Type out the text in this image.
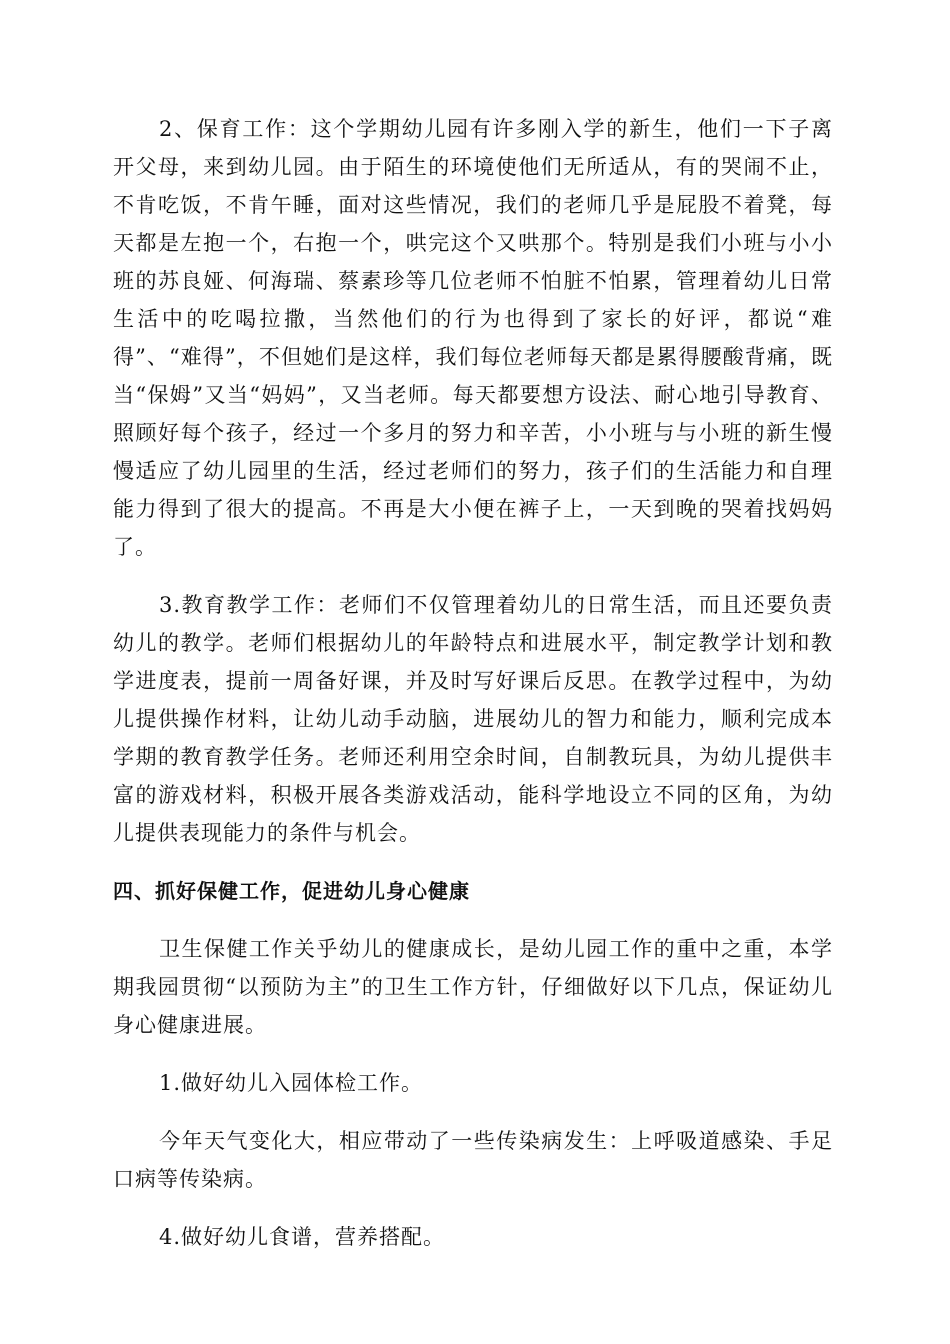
2、保育工作：这个学期幼儿园有许多刚入学的新生，他们一下子离开父母，来到幼儿园。由于陌生的环境使他们无所适从，有的哭闹不止，不肯吃饭，不肯午睡，面对这些情况，我们的老师几乎是屁股不着凳，每天都是左抱一个，右抱一个，哄完这个又哄那个。特别是我们小班与小小班的苏良娅、何海瑞、蔡素珍等几位老师不怕脏不怕累，管理着幼儿日常生活中的吃喝拉撒，当然他们的行为也得到了家长的好评，都说“难得”、“难得”，不但她们是这样，我们每位老师每天都是累得腰酸背痛，既当“保姆”又当“妈妈”，又当老师。每天都要想方设法、耐心地引导教育、照顾好每个孩子，经过一个多月的努力和辛苦，小小班与与小班的新生慢慢适应了幼儿园里的生活，经过老师们的努力，孩子们的生活能力和自理能力得到了很大的提高。不再是大小便在裤子上，一天到晚的哭着找妈妈了。

3.教育教学工作：老师们不仅管理着幼儿的日常生活，而且还要负责幼儿的教学。老师们根据幼儿的年龄特点和进展水平，制定教学计划和教学进度表，提前一周备好课，并及时写好课后反思。在教学过程中，为幼儿提供操作材料，让幼儿动手动脑，进展幼儿的智力和能力，顺利完成本学期的教育教学任务。老师还利用空余时间，自制教玩具，为幼儿提供丰富的游戏材料，积极开展各类游戏活动，能科学地设立不同的区角，为幼儿提供表现能力的条件与机会。

四、抓好保健工作，促进幼儿身心健康

卫生保健工作关乎幼儿的健康成长，是幼儿园工作的重中之重，本学期我园贯彻“以预防为主”的卫生工作方针，仔细做好以下几点，保证幼儿身心健康进展。

1.做好幼儿入园体检工作。

今年天气变化大，相应带动了一些传染病发生：上呼吸道感染、手足口病等传染病。

4.做好幼儿食谱，营养搭配。
